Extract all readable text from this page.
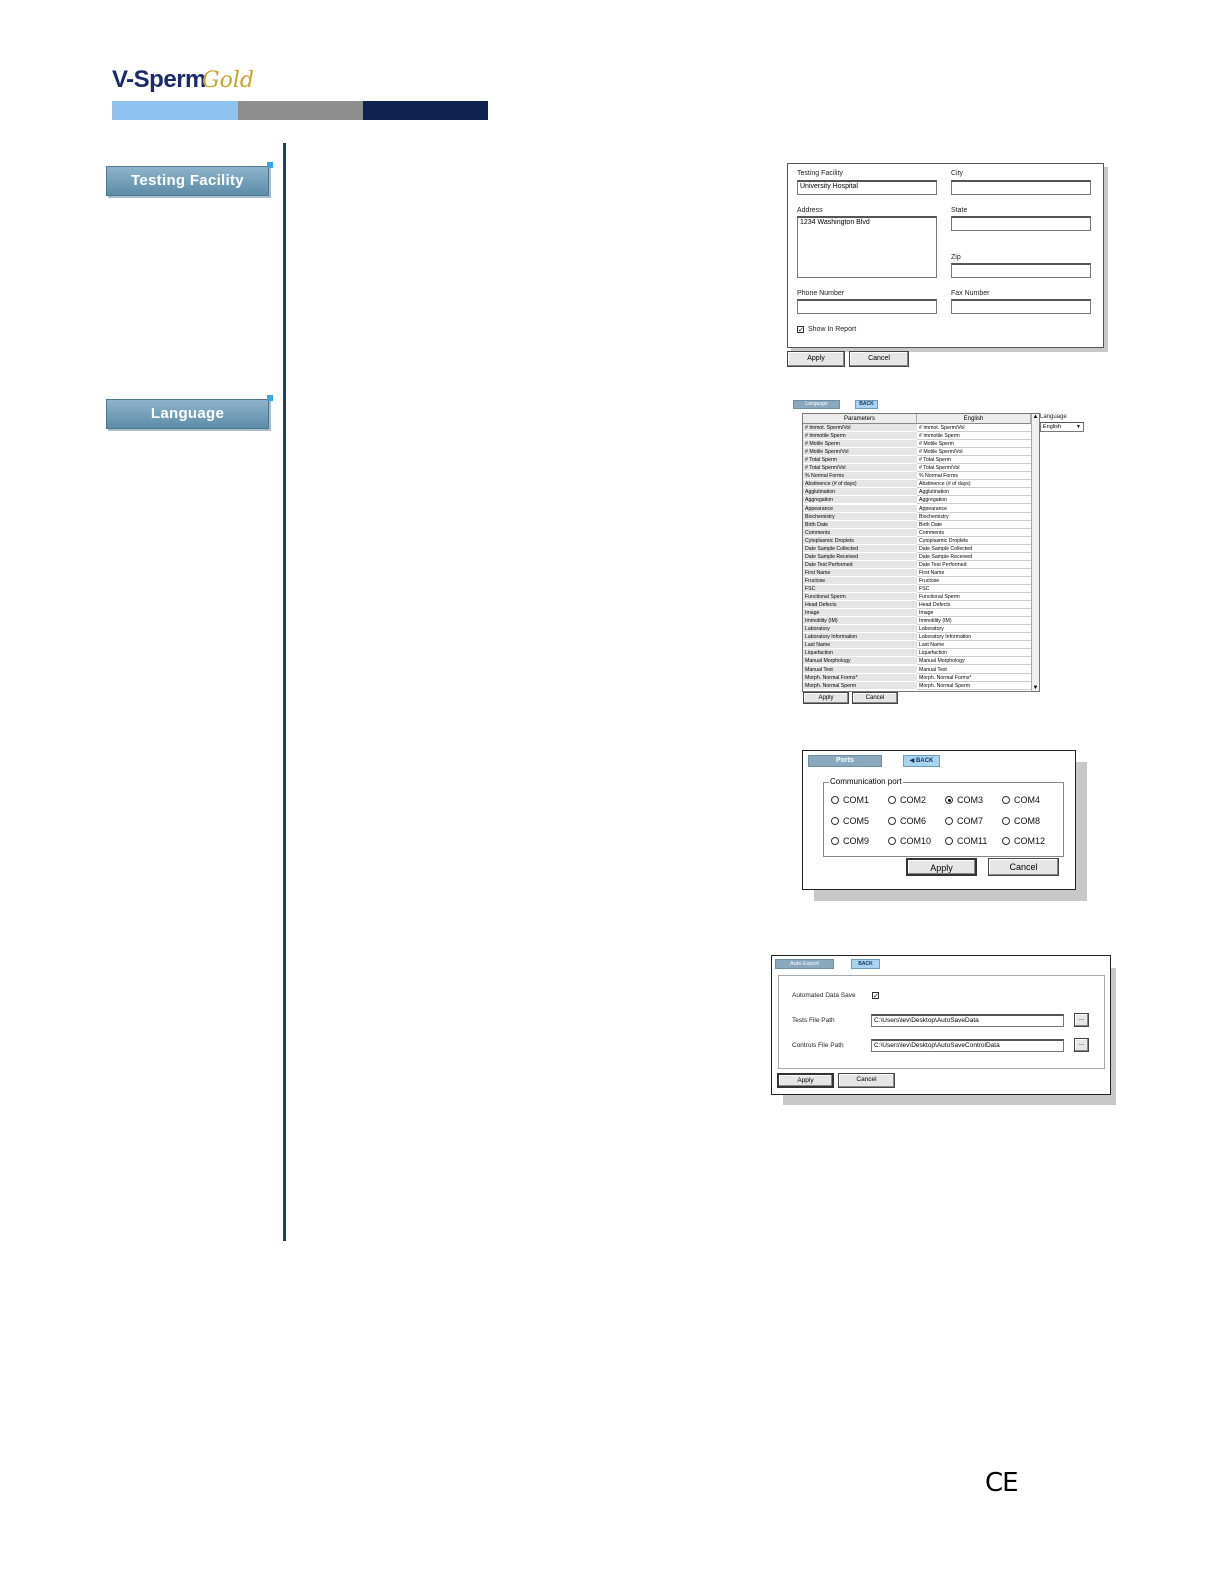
V-Sperm
Gold
Testing Facility
Language
Testing Facility
University Hospital
City
Address
1234 Washington Blvd
State
Zip
Phone Number	Fax Number
✓ Show In Report
Apply	Cancel
Language	BACK
Parameters	English
# Immot. Sperm/Vol	# Immot. Sperm/Vol
# Immotile Sperm	# Immotile Sperm
# Motile Sperm	# Motile Sperm
# Motile Sperm/Vol	# Motile Sperm/Vol
# Total Sperm	# Total Sperm
# Total Sperm/Vol	# Total Sperm/Vol
% Normal Forms	% Normal Forms
Abstinence (# of days)	Abstinence (# of days)
Agglutination	Agglutination
Aggregation	Aggregation
Appearance	Appearance
Biochemistry	Biochemistry
Birth Date	Birth Date
Comments	Comments
Cytoplasmic Droplets	Cytoplasmic Droplets
Date Sample Collected	Date Sample Collected
Date Sample Received	Date Sample Received
Date Test Performed	Date Test Performed
First Name	First Name
Fructose	Fructose
FSC	FSC
Functional Sperm	Functional Sperm
Head Defects	Head Defects
Image	Image
Immotility (IM)	Immotility (IM)
Laboratory	Laboratory
Laboratory Information	Laboratory Information
Last Name	Last Name
Liquefaction	Liquefaction
Manual Morphology	Manual Morphology
Manual Test	Manual Test
Morph. Normal Forms*	Morph. Normal Forms*
Morph. Normal Sperm	Morph. Normal Sperm
▲
▼
Language
English	▼
Apply	Cancel
Ports	◀ BACK
Communication port
COM1	COM2	COM3	COM4
COM5	COM6	COM7	COM8
COM9	COM10	COM11	COM12
Apply	Cancel
Auto Export	BACK
Automated Data Save ✓
Tests File Path	C:\Users\lev\Desktop\AutoSaveData	...
Controls File Path	C:\Users\lev\Desktop\AutoSaveControlData	...
Apply	Cancel
CE
